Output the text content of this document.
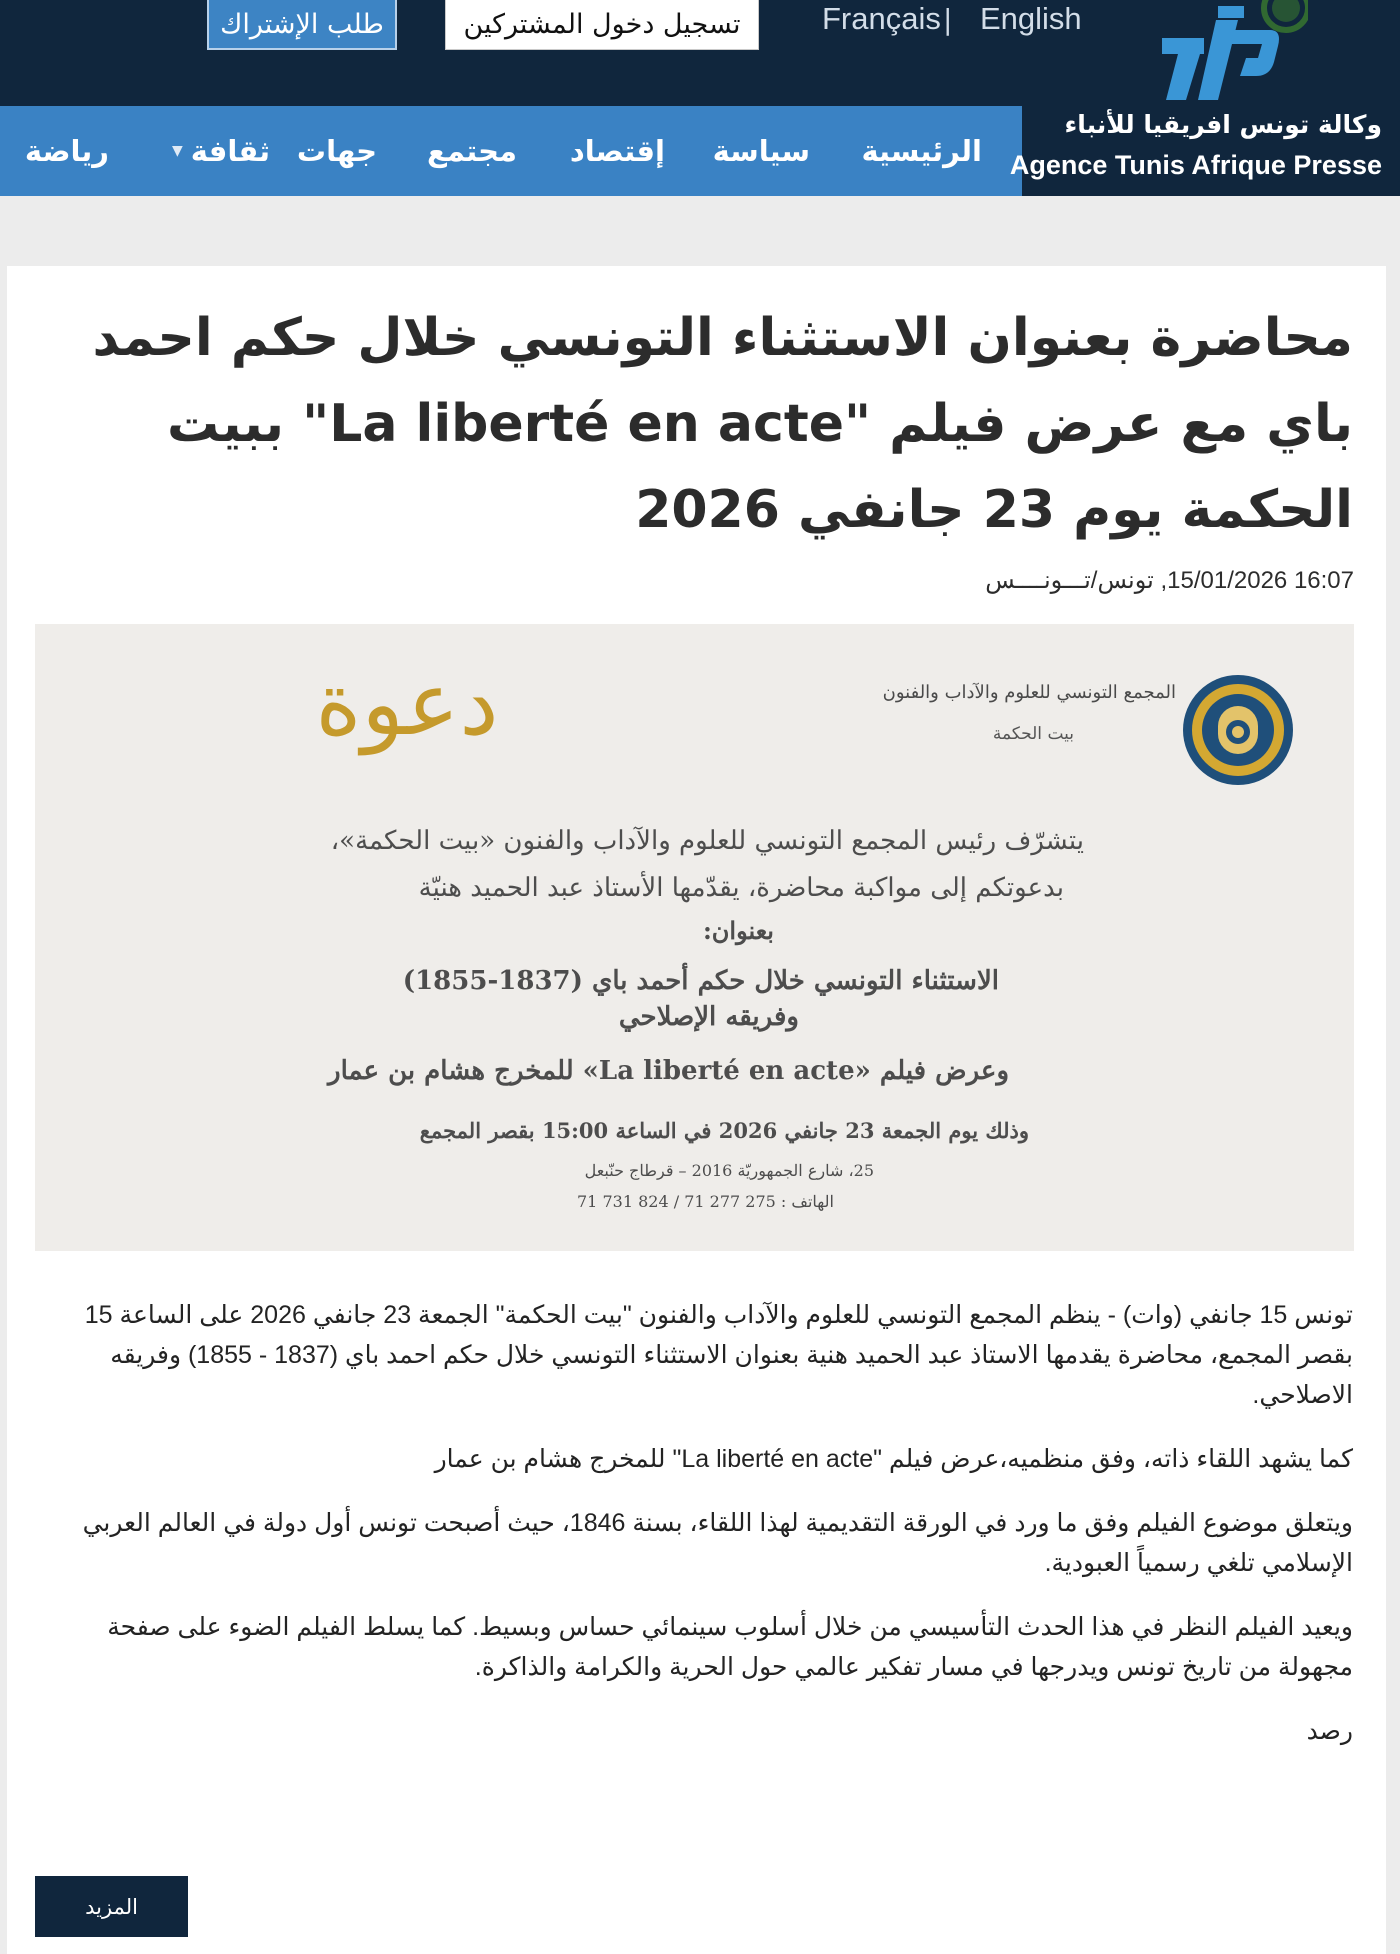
طلب الإشتراك	تسجيل دخول المشتركين	Français | English
الرئيسية
سياسة
إقتصاد
مجتمع
جهات
ثقافة
▼
رياضة
وكالة تونس افريقيا للأنباء
Agence Tunis Afrique Presse
محاضرة بعنوان الاستثناء التونسي خلال حكم احمد باي مع عرض فيلم "La liberté en acte" ببيت الحكمة يوم 23 جانفي 2026
15/01/2026 16:07, تونس/تـــونــــس
المجمع التونسي للعلوم والآداب والفنون
بيت الحكمة
دعوة
يتشرّف رئيس المجمع التونسي للعلوم والآداب والفنون «بيت الحكمة»،
بدعوتكم إلى مواكبة محاضرة، يقدّمها الأستاذ عبد الحميد هنيّة
بعنوان:
الاستثناء التونسي خلال حكم أحمد باي (1837-1855)
وفريقه الإصلاحي
وعرض فيلم «La liberté en acte» للمخرج هشام بن عمار
وذلك يوم الجمعة 23 جانفي 2026 في الساعة 15:00 بقصر المجمع
25، شارع الجمهوريّة 2016 – قرطاج حنّبعل
الهاتف : 275 277 71 / 824 731 71

تونس 15 جانفي (وات) - ينظم المجمع التونسي للعلوم والآداب والفنون "بيت الحكمة" الجمعة 23 جانفي 2026 على الساعة 15 بقصر المجمع، محاضرة يقدمها الاستاذ عبد الحميد هنية بعنوان الاستثناء التونسي خلال حكم احمد باي (1837 - 1855) وفريقه الاصلاحي.

كما يشهد اللقاء ذاته، وفق منظميه،عرض فيلم "La liberté en acte" للمخرج هشام بن عمار

ويتعلق موضوع الفيلم وفق ما ورد في الورقة التقديمية لهذا اللقاء، بسنة 1846، حيث أصبحت تونس أول دولة في العالم العربي الإسلامي تلغي رسمياً العبودية.

ويعيد الفيلم النظر في هذا الحدث التأسيسي من خلال أسلوب سينمائي حساس وبسيط. كما يسلط الفيلم الضوء على صفحة مجهولة من تاريخ تونس ويدرجها في مسار تفكير عالمي حول الحرية والكرامة والذاكرة.

رصد

المزيد
